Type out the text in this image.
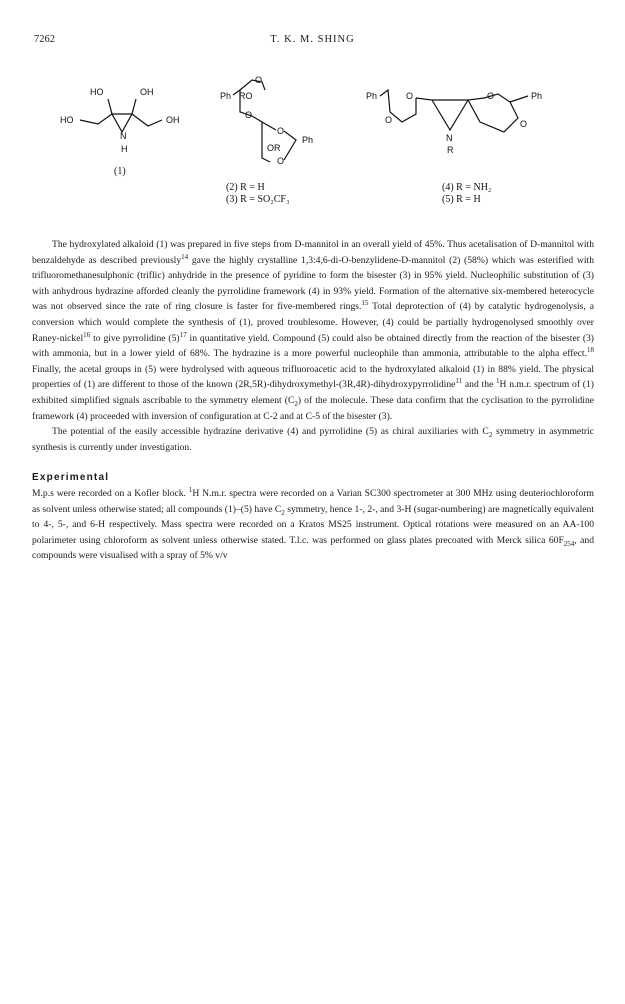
7262	T. K. M. SHING
HO	OH
HO	OH
N
H
(1)
Ph
O
RO
O
O
OR
Ph
O
(2) R = H
(3) R = SO₂CF₃
Ph	Ph
O	O
O	O
N
R
(4) R = NH₂
(5) R = H

The hydroxylated alkaloid (1) was prepared in five steps from D-mannitol in an overall yield of 45%. Thus acetalisation of D-mannitol with benzaldehyde as described previously$^{14}$ gave the highly crystalline 1,3:4,6-di-O-benzylidene-D-mannitol (2) (58%) which was esterified with trifluoromethanesulphonic (triflic) anhydride in the presence of pyridine to form the bisester (3) in 95% yield. Nucleophilic substitution of (3) with anhydrous hydrazine afforded cleanly the pyrrolidine framework (4) in 93% yield. Formation of the alternative six-membered heterocycle was not observed since the rate of ring closure is faster for five-membered rings.$^{15}$ Total deprotection of (4) by catalytic hydrogenolysis, a conversion which would complete the synthesis of (1), proved troublesome. However, (4) could be partially hydrogenolysed smoothly over Raney-nickel$^{16}$ to give pyrrolidine $(5)^{17}$ in quantitative yield. Compound (5) could also be obtained directly from the reaction of the bisester (3) with ammonia, but in a lower yield of 68%. The hydrazine is a more powerful nucleophile than ammonia, attributable to the alpha effect.$^{18}$ Finally, the acetal groups in (5) were hydrolysed with aqueous trifluoroacetic acid to the hydroxylated alkaloid (1) in 88% yield. The physical properties of (1) are different to those of the known (2R,5R)-dihydroxymethyl-(3R,4R)-dihydroxypyrrolidine$^{11}$ and the $^1$H n.m.r. spectrum of (1) exhibited simplified signals ascribable to the symmetry element $(C_2)$ of the molecule. These data confirm that the cyclisation to the pyrrolidine framework (4) proceeded with inversion of configuration at C-2 and at C-5 of the bisester (3).

The potential of the easily accessible hydrazine derivative (4) and pyrrolidine (5) as chiral auxiliaries with $C_2$ symmetry in asymmetric synthesis is currently under investigation.

Experimental

M.p.s were recorded on a Kofler block. $^1$H N.m.r. spectra were recorded on a Varian SC300 spectrometer at 300 MHz using deuteriochloroform as solvent unless otherwise stated; all compounds (1)–(5) have $C_2$ symmetry, hence 1-, 2-, and 3-H (sugar-numbering) are magnetically equivalent to 4-, 5-, and 6-H respectively. Mass spectra were recorded on a Kratos MS25 instrument. Optical rotations were measured on an AA-100 polarimeter using chloroform as solvent unless otherwise stated. T.l.c. was performed on glass plates precoated with Merck silica $60F_{254}$, and compounds were visualised with a spray of 5% v/v
